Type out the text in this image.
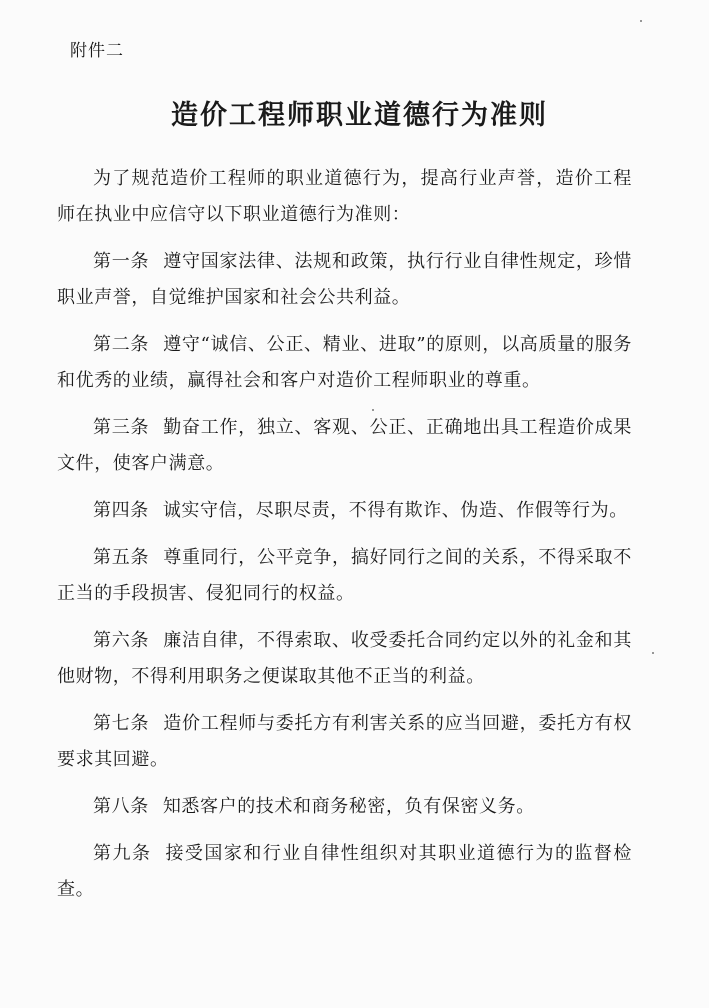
附件二
造价工程师职业道德行为准则

为了规范造价工程师的职业道德行为，提高行业声誉，造价工程师在执业中应信守以下职业道德行为准则：

第一条 遵守国家法律、法规和政策，执行行业自律性规定，珍惜职业声誉，自觉维护国家和社会公共利益。

第二条 遵守“诚信、公正、精业、进取”的原则，以高质量的服务和优秀的业绩，赢得社会和客户对造价工程师职业的尊重。

第三条 勤奋工作，独立、客观、公正、正确地出具工程造价成果文件，使客户满意。

第四条 诚实守信，尽职尽责，不得有欺诈、伪造、作假等行为。

第五条 尊重同行，公平竞争，搞好同行之间的关系，不得采取不正当的手段损害、侵犯同行的权益。

第六条 廉洁自律，不得索取、收受委托合同约定以外的礼金和其他财物，不得利用职务之便谋取其他不正当的利益。

第七条 造价工程师与委托方有利害关系的应当回避，委托方有权要求其回避。

第八条 知悉客户的技术和商务秘密，负有保密义务。

第九条 接受国家和行业自律性组织对其职业道德行为的监督检查。
